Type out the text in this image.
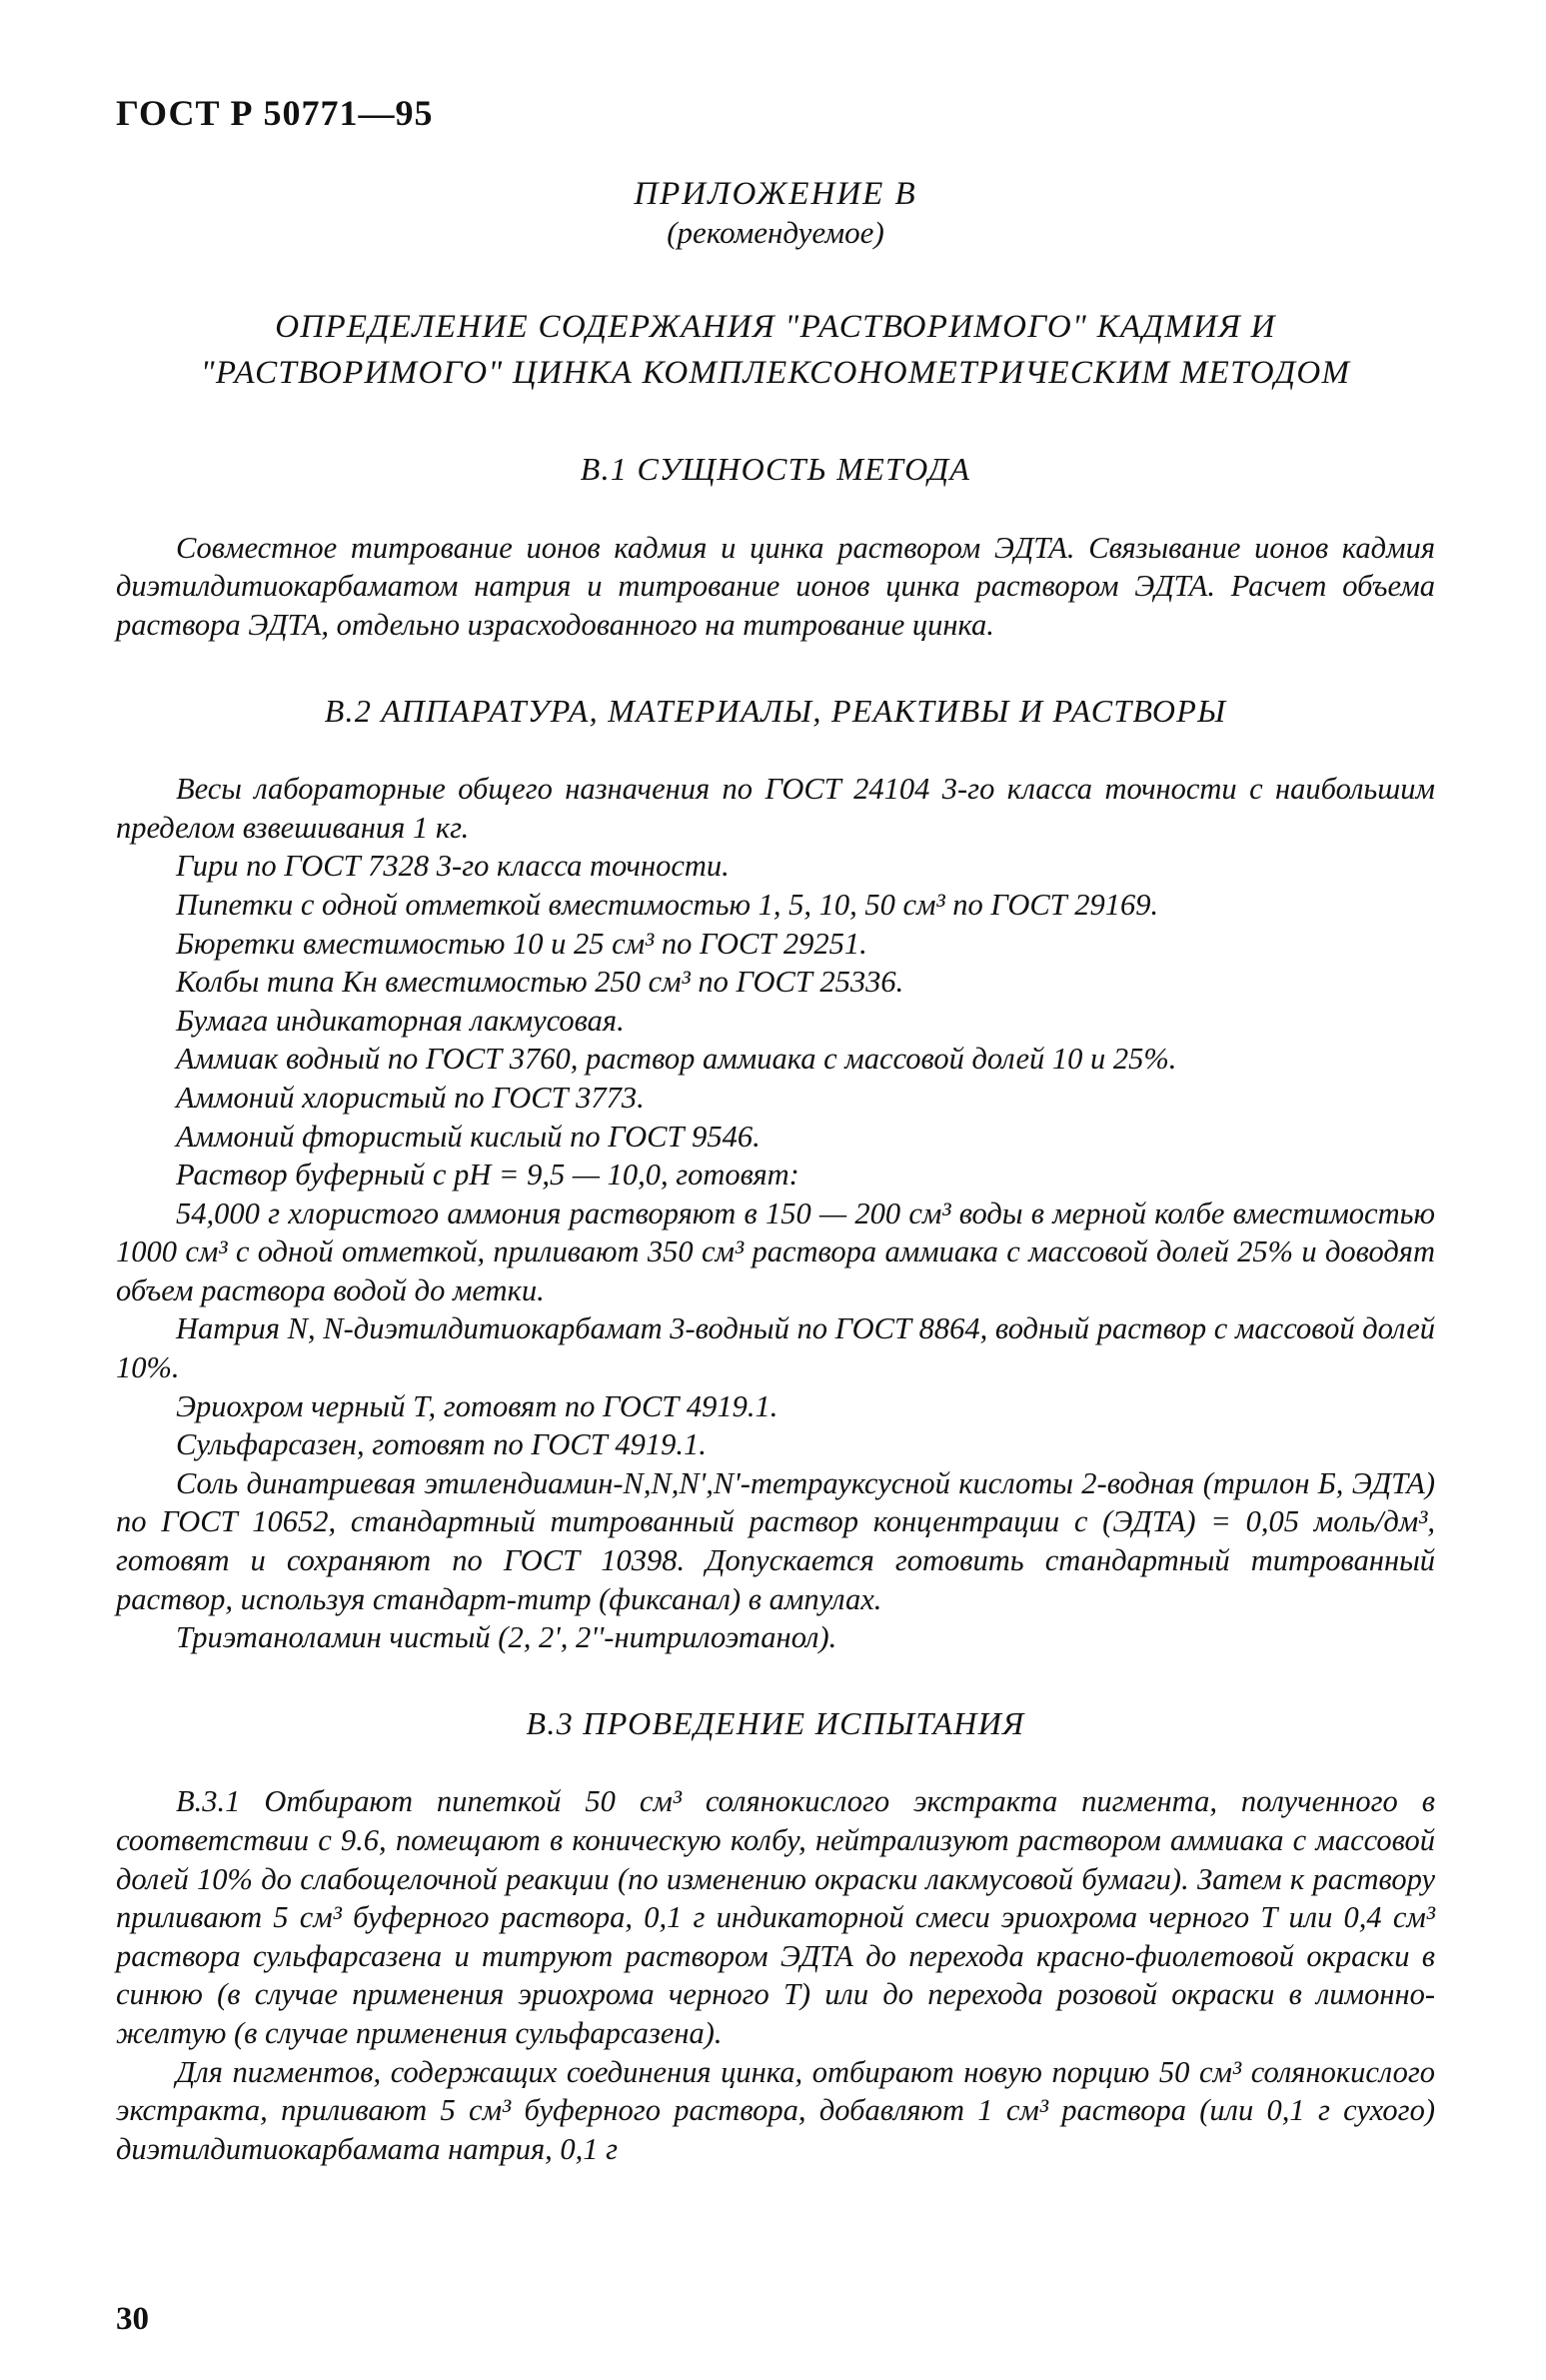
ГОСТ Р 50771—95
ПРИЛОЖЕНИЕ В
(рекомендуемое)
ОПРЕДЕЛЕНИЕ СОДЕРЖАНИЯ "РАСТВОРИМОГО" КАДМИЯ И "РАСТВОРИМОГО" ЦИНКА КОМПЛЕКСОНОМЕТРИЧЕСКИМ МЕТОДОМ
В.1 СУЩНОСТЬ МЕТОДА

Совместное титрование ионов кадмия и цинка раствором ЭДТА. Связывание ионов кадмия диэтилдитиокарбаматом натрия и титрование ионов цинка раствором ЭДТА. Расчет объема раствора ЭДТА, отдельно израсходованного на титрование цинка.

В.2 АППАРАТУРА, МАТЕРИАЛЫ, РЕАКТИВЫ И РАСТВОРЫ

Весы лабораторные общего назначения по ГОСТ 24104 3-го класса точности с наибольшим пределом взвешивания 1 кг.

Гири по ГОСТ 7328 3-го класса точности.

Пипетки с одной отметкой вместимостью 1, 5, 10, 50 см³ по ГОСТ 29169.

Бюретки вместимостью 10 и 25 см³ по ГОСТ 29251.

Колбы типа Кн вместимостью 250 см³ по ГОСТ 25336.

Бумага индикаторная лакмусовая.

Аммиак водный по ГОСТ 3760, раствор аммиака с массовой долей 10 и 25%.

Аммоний хлористый по ГОСТ 3773.

Аммоний фтористый кислый по ГОСТ 9546.

Раствор буферный с pH = 9,5 — 10,0, готовят:

54,000 г хлористого аммония растворяют в 150 — 200 см³ воды в мерной колбе вместимостью 1000 см³ с одной отметкой, приливают 350 см³ раствора аммиака с массовой долей 25% и доводят объем раствора водой до метки.

Натрия N, N-диэтилдитиокарбамат 3-водный по ГОСТ 8864, водный раствор с массовой долей 10%.

Эриохром черный Т, готовят по ГОСТ 4919.1.

Сульфарсазен, готовят по ГОСТ 4919.1.

Соль динатриевая этилендиамин-N,N,N',N'-тетрауксусной кислоты 2-водная (трилон Б, ЭДТА) по ГОСТ 10652, стандартный титрованный раствор концентрации с (ЭДТА) = 0,05 моль/дм³, готовят и сохраняют по ГОСТ 10398. Допускается готовить стандартный титрованный раствор, используя стандарт-титр (фиксанал) в ампулах.

Триэтаноламин чистый (2, 2', 2''-нитрилоэтанол).

В.3 ПРОВЕДЕНИЕ ИСПЫТАНИЯ

В.3.1 Отбирают пипеткой 50 см³ солянокислого экстракта пигмента, полученного в соответствии с 9.6, помещают в коническую колбу, нейтрализуют раствором аммиака с массовой долей 10% до слабощелочной реакции (по изменению окраски лакмусовой бумаги). Затем к раствору приливают 5 см³ буферного раствора, 0,1 г индикаторной смеси эриохрома черного Т или 0,4 см³ раствора сульфарсазена и титруют раствором ЭДТА до перехода красно-фиолетовой окраски в синюю (в случае применения эриохрома черного Т) или до перехода розовой окраски в лимонно-желтую (в случае применения сульфарсазена).

Для пигментов, содержащих соединения цинка, отбирают новую порцию 50 см³ солянокислого экстракта, приливают 5 см³ буферного раствора, добавляют 1 см³ раствора (или 0,1 г сухого) диэтилдитиокарбамата натрия, 0,1 г

30
